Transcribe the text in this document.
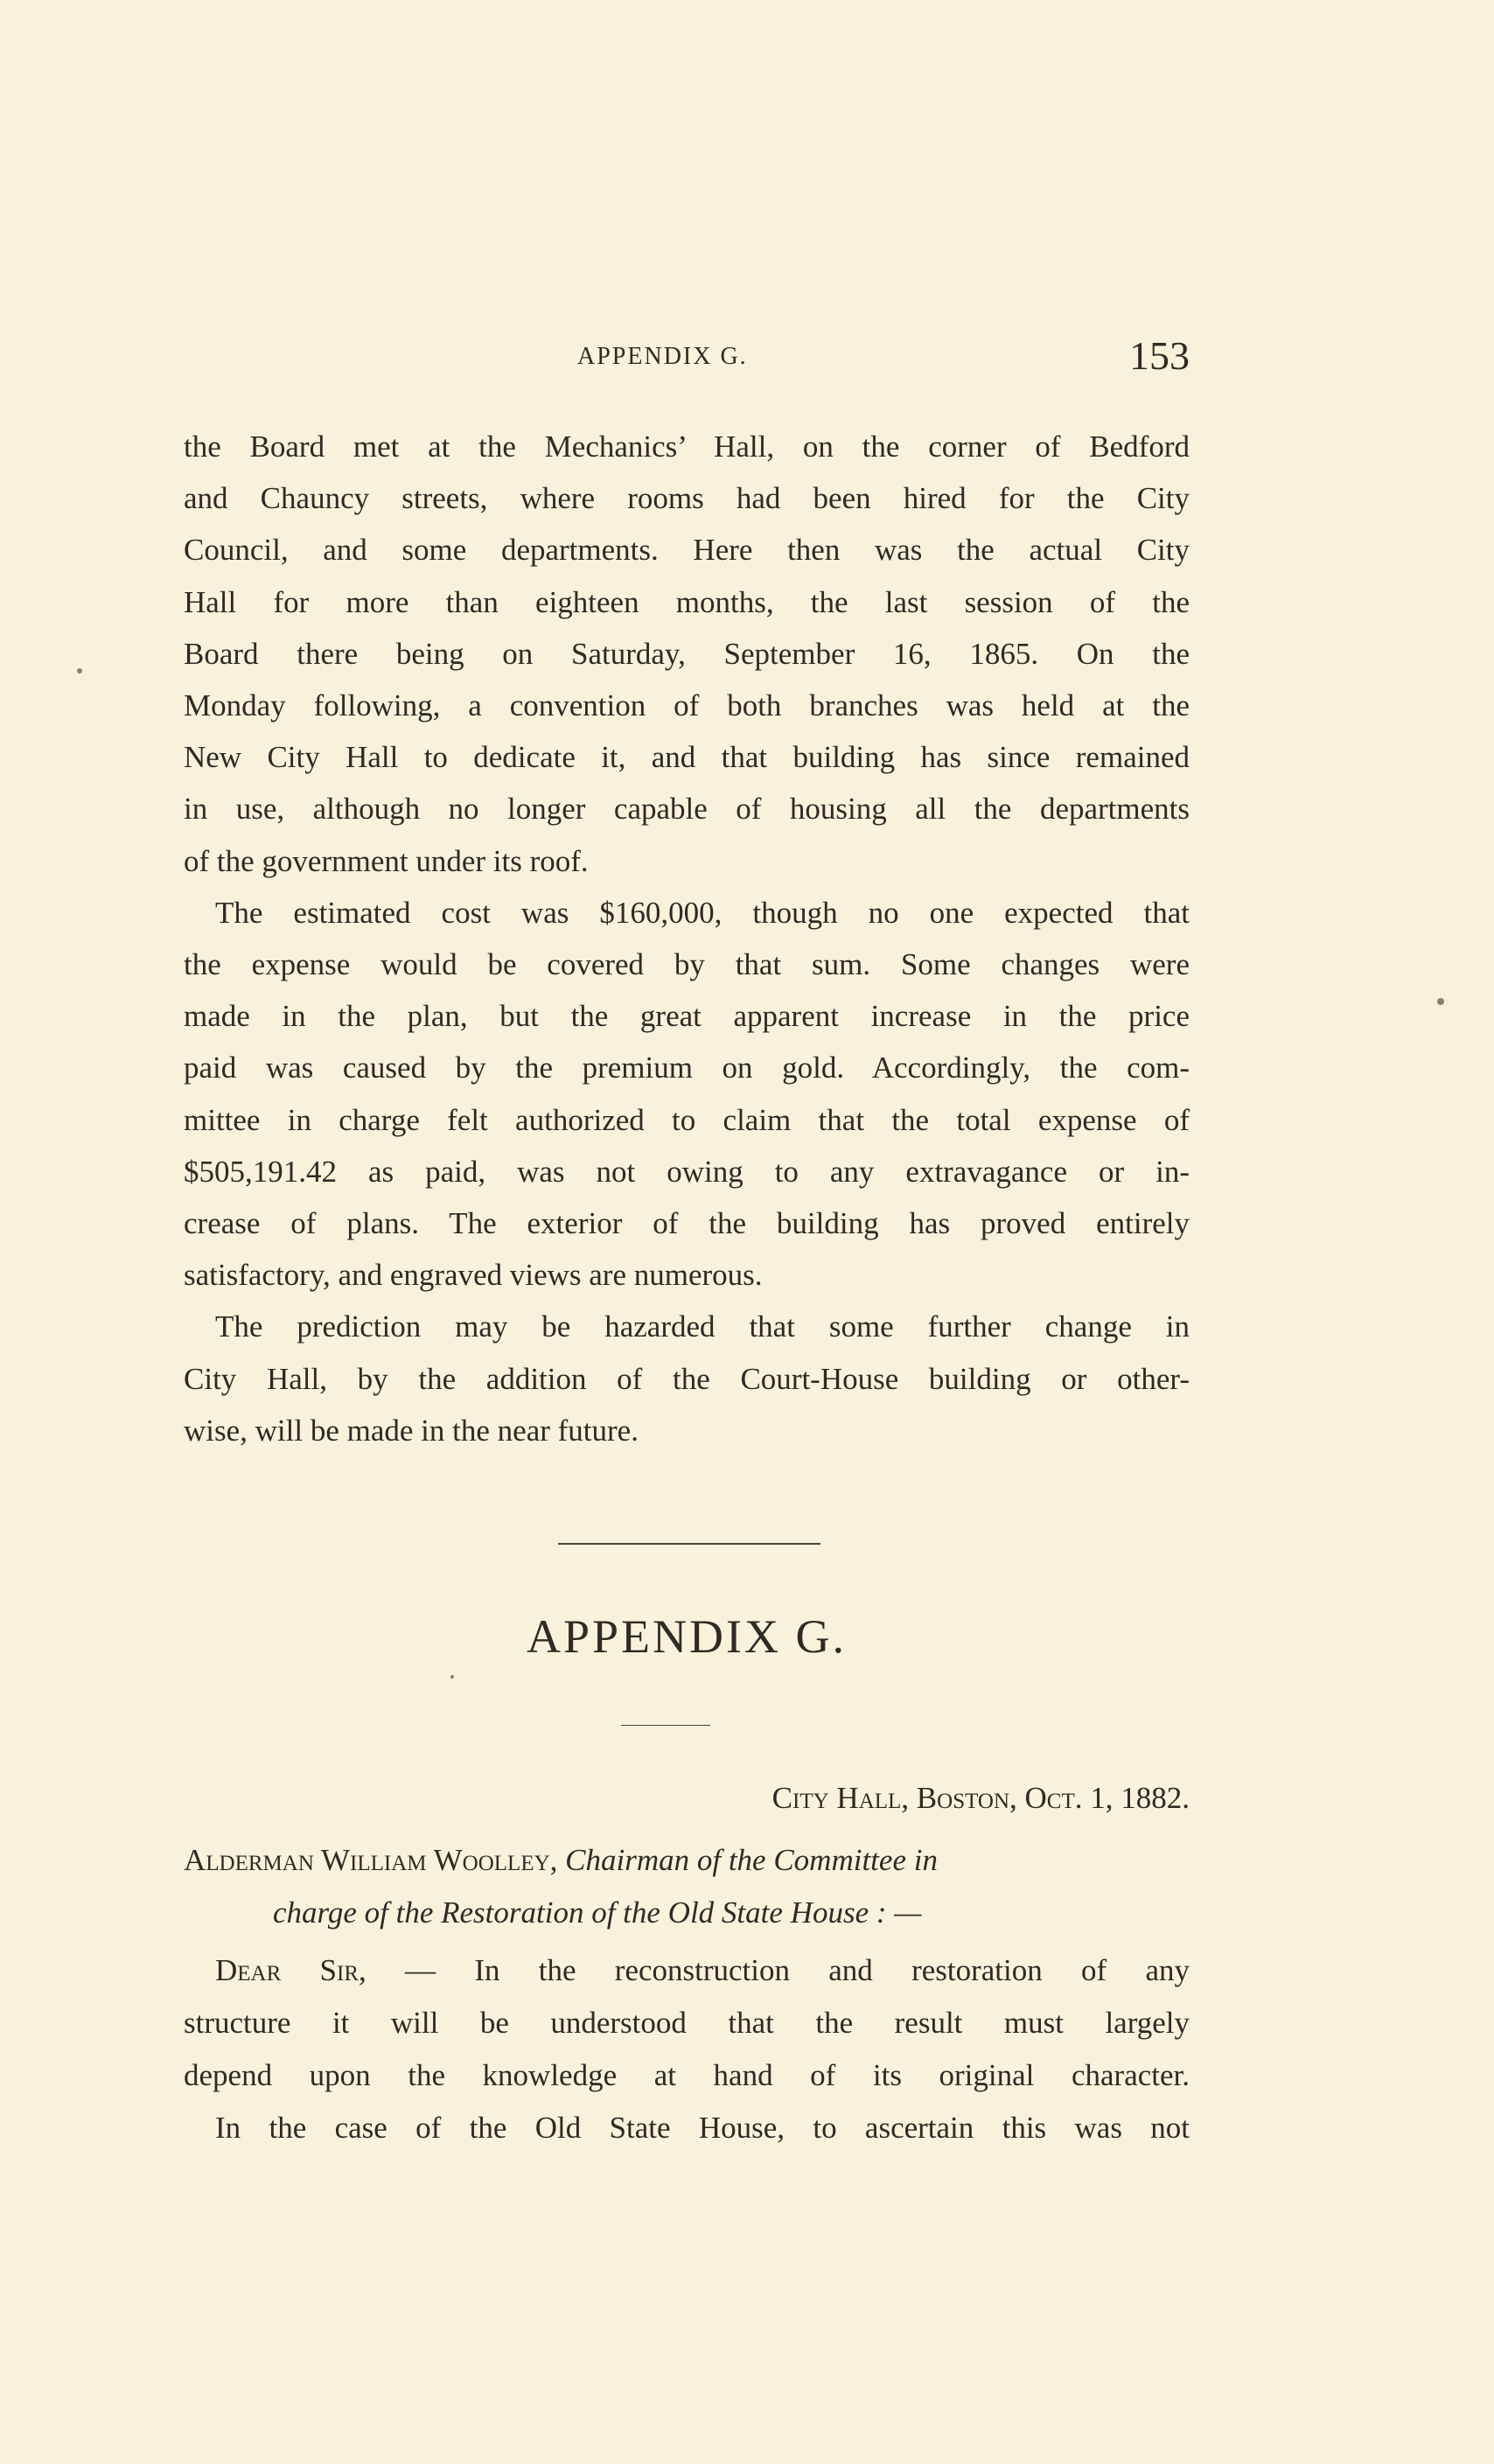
APPENDIX G.	153
the Board met at the Mechanics’ Hall, on the corner of Bedford
and Chauncy streets, where rooms had been hired for the City
Council, and some departments. Here then was the actual City
Hall for more than eighteen months, the last session of the
Board there being on Saturday, September 16, 1865. On the
Monday following, a convention of both branches was held at the
New City Hall to dedicate it, and that building has since remained
in use, although no longer capable of housing all the departments
of the government under its roof.
The estimated cost was $160,000, though no one expected that
the expense would be covered by that sum. Some changes were
made in the plan, but the great apparent increase in the price
paid was caused by the premium on gold. Accordingly, the com-
mittee in charge felt authorized to claim that the total expense of
$505,191.42 as paid, was not owing to any extravagance or in-
crease of plans. The exterior of the building has proved entirely
satisfactory, and engraved views are numerous.
The prediction may be hazarded that some further change in
City Hall, by the addition of the Court-House building or other-
wise, will be made in the near future.
APPENDIX G.
City Hall, Boston, Oct. 1, 1882.
Alderman William Woolley, Chairman of the Committee in
charge of the Restoration of the Old State House : —
Dear Sir, — In the reconstruction and restoration of any
structure it will be understood that the result must largely
depend upon the knowledge at hand of its original character.
In the case of the Old State House, to ascertain this was not
